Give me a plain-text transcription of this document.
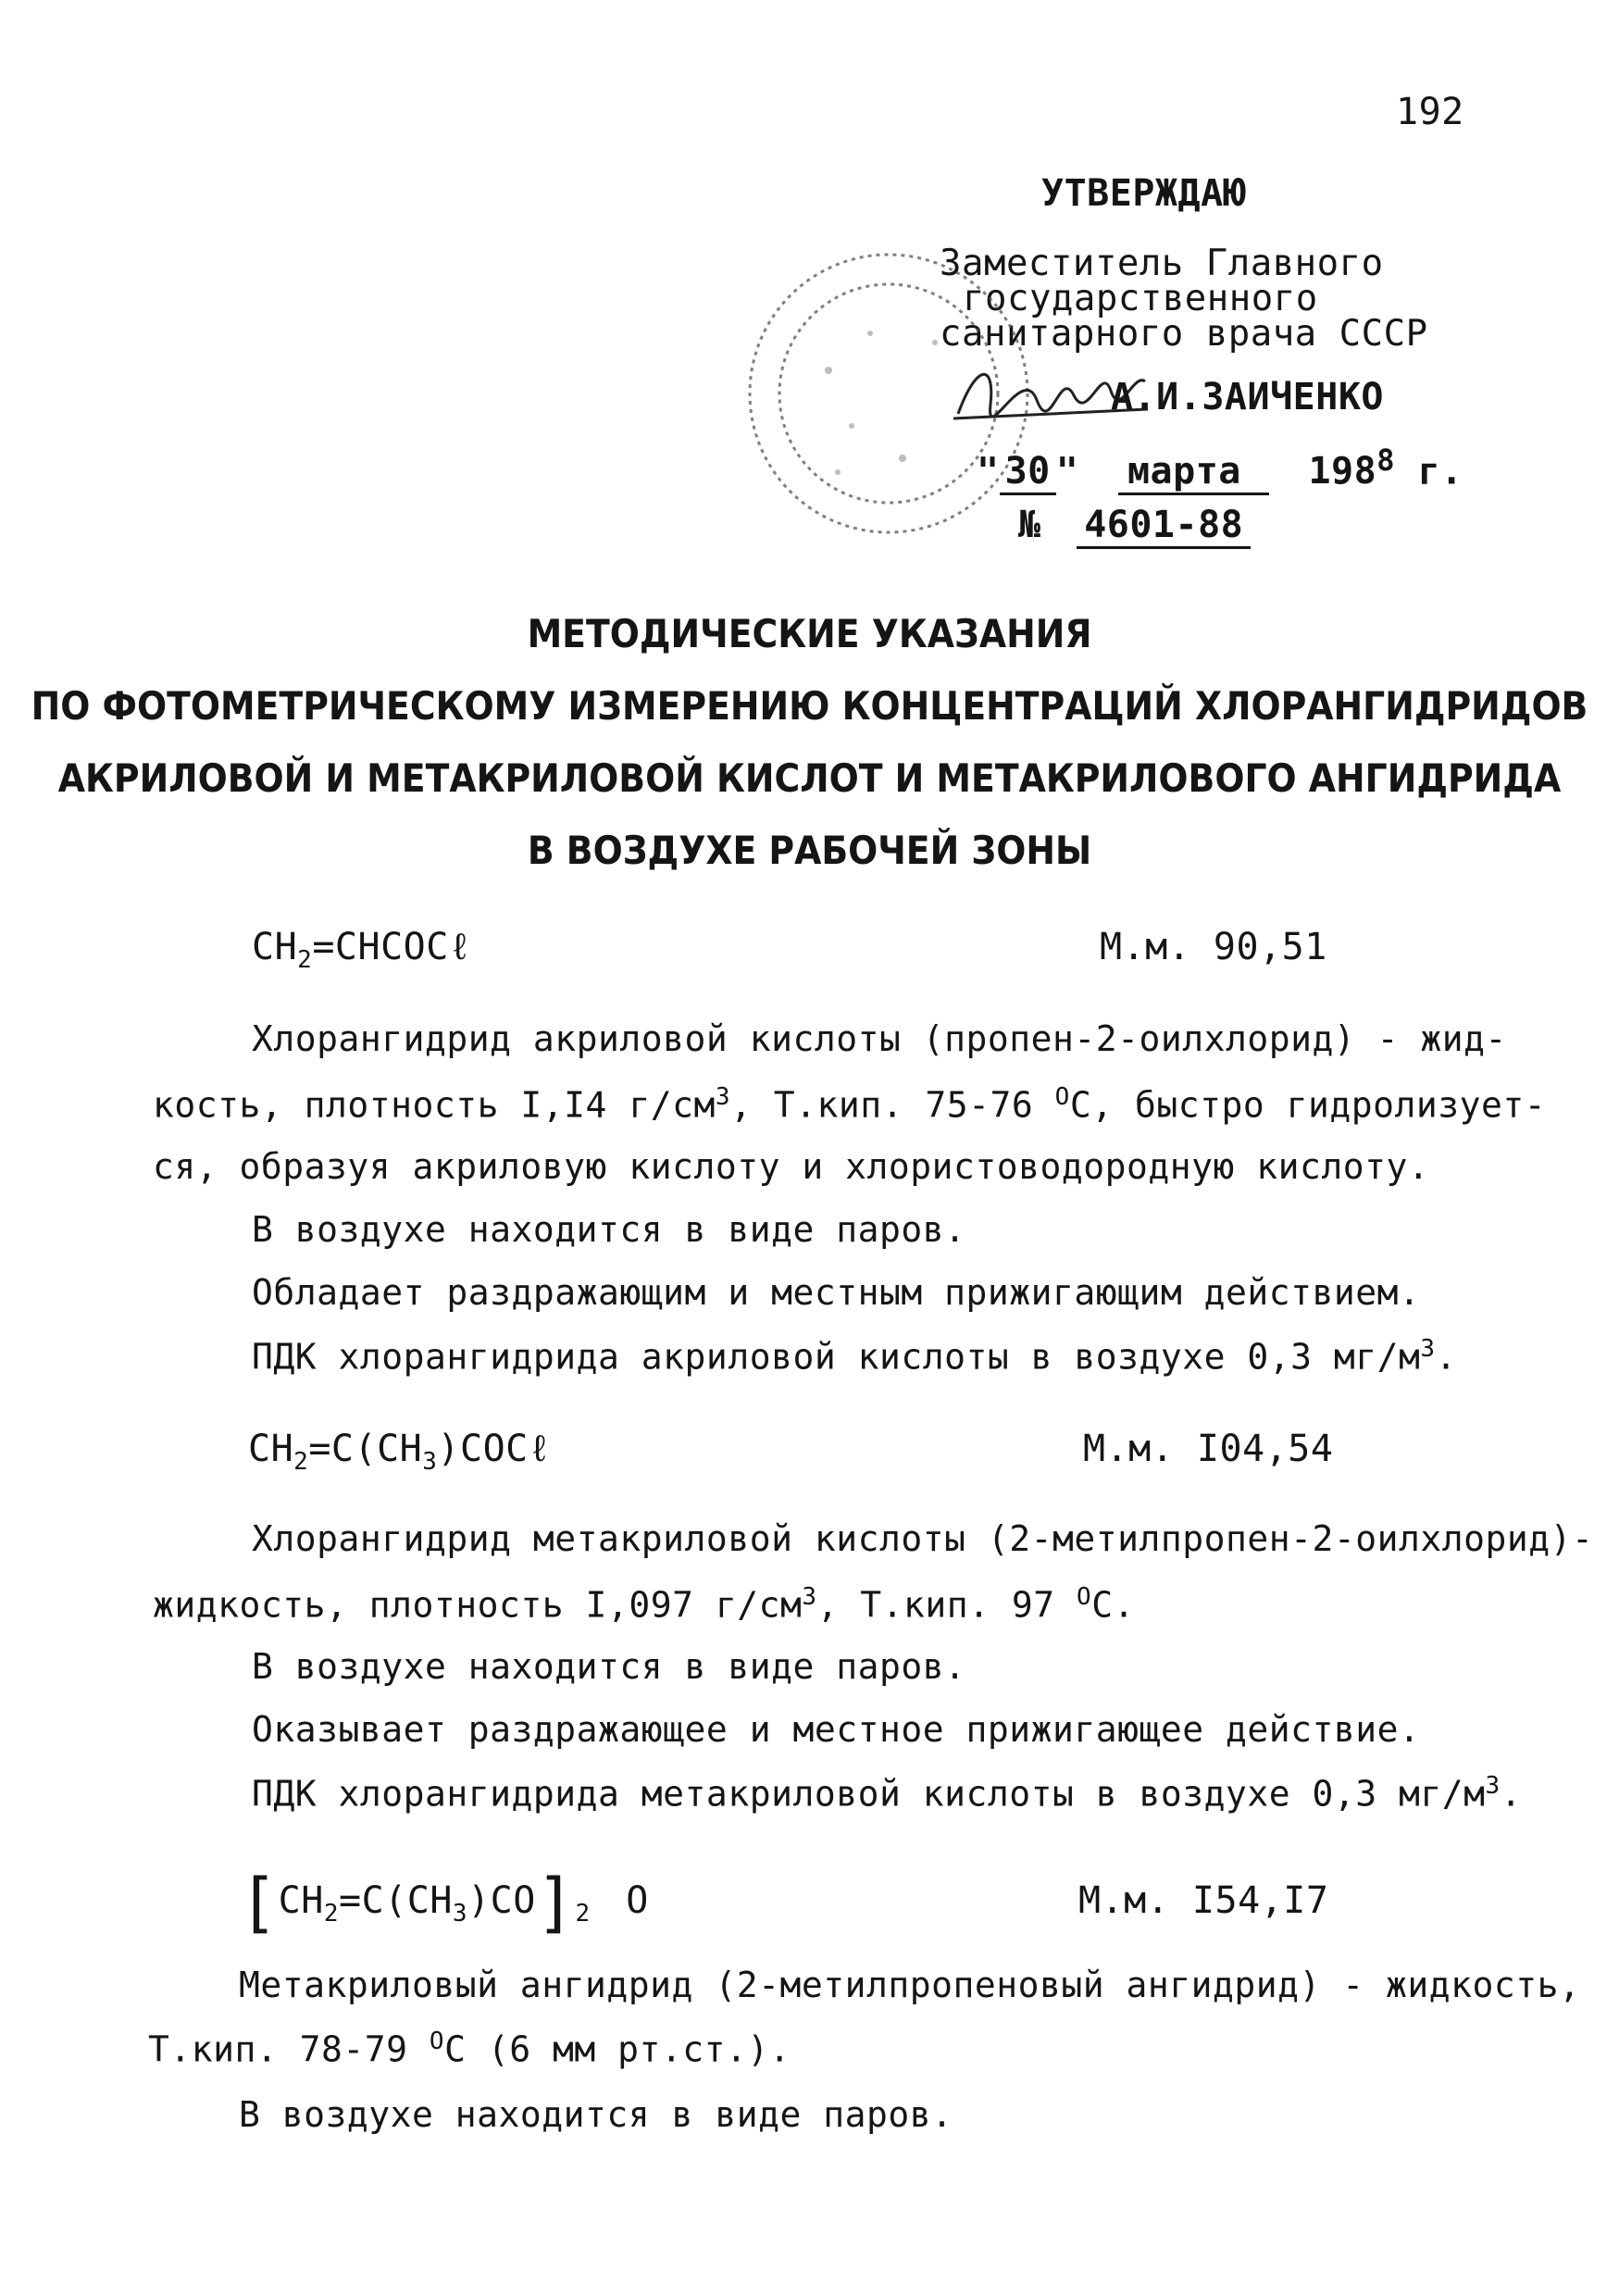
192
УТВЕРЖДАЮ
Заместитель Главного
государственного
санитарного врача СССР
А.И.ЗАИЧЕНКО
" 30 " марта $198^8$ г.
№ 4601-88
МЕТОДИЧЕСКИЕ УКАЗАНИЯ
ПО ФОТОМЕТРИЧЕСКОМУ ИЗМЕРЕНИЮ КОНЦЕНТРАЦИЙ ХЛОРАНГИДРИДОВ
АКРИЛОВОЙ И МЕТАКРИЛОВОЙ КИСЛОТ И МЕТАКРИЛОВОГО АНГИДРИДА
В ВОЗДУХЕ РАБОЧЕЙ ЗОНЫ
$CH_2=CHCOC\ell$	М.м. 90,51
Хлорангидрид акриловой кислоты (пропен-2-оилхлорид) - жид-
кость, плотность I,I4 $г/см^3$, Т.кип. 75-76 $^O$С, быстро гидролизует-
ся, образуя акриловую кислоту и хлористоводородную кислоту.
В воздухе находится в виде паров.
Обладает раздражающим и местным прижигающим действием.
ПДК хлорангидрида акриловой кислоты в воздухе 0,3 $мг/м^3$.
$CH_2=C(CH_3)COC\ell$	М.м. I04,54
Хлорангидрид метакриловой кислоты (2-метилпропен-2-оилхлорид)-
жидкость, плотность I,097 $г/см^3$, Т.кип. 97 $^O$С.
В воздухе находится в виде паров.
Оказывает раздражающее и местное прижигающее действие.
ПДК хлорангидрида метакриловой кислоты в воздухе 0,3 $мг/м^3$.
$[CH_2=C(CH_3)CO]_2$ O	М.м. I54,I7
Метакриловый ангидрид (2-метилпропеновый ангидрид) - жидкость,
Т.кип. 78-79 $^O$С (6 мм рт.ст.).
В воздухе находится в виде паров.
